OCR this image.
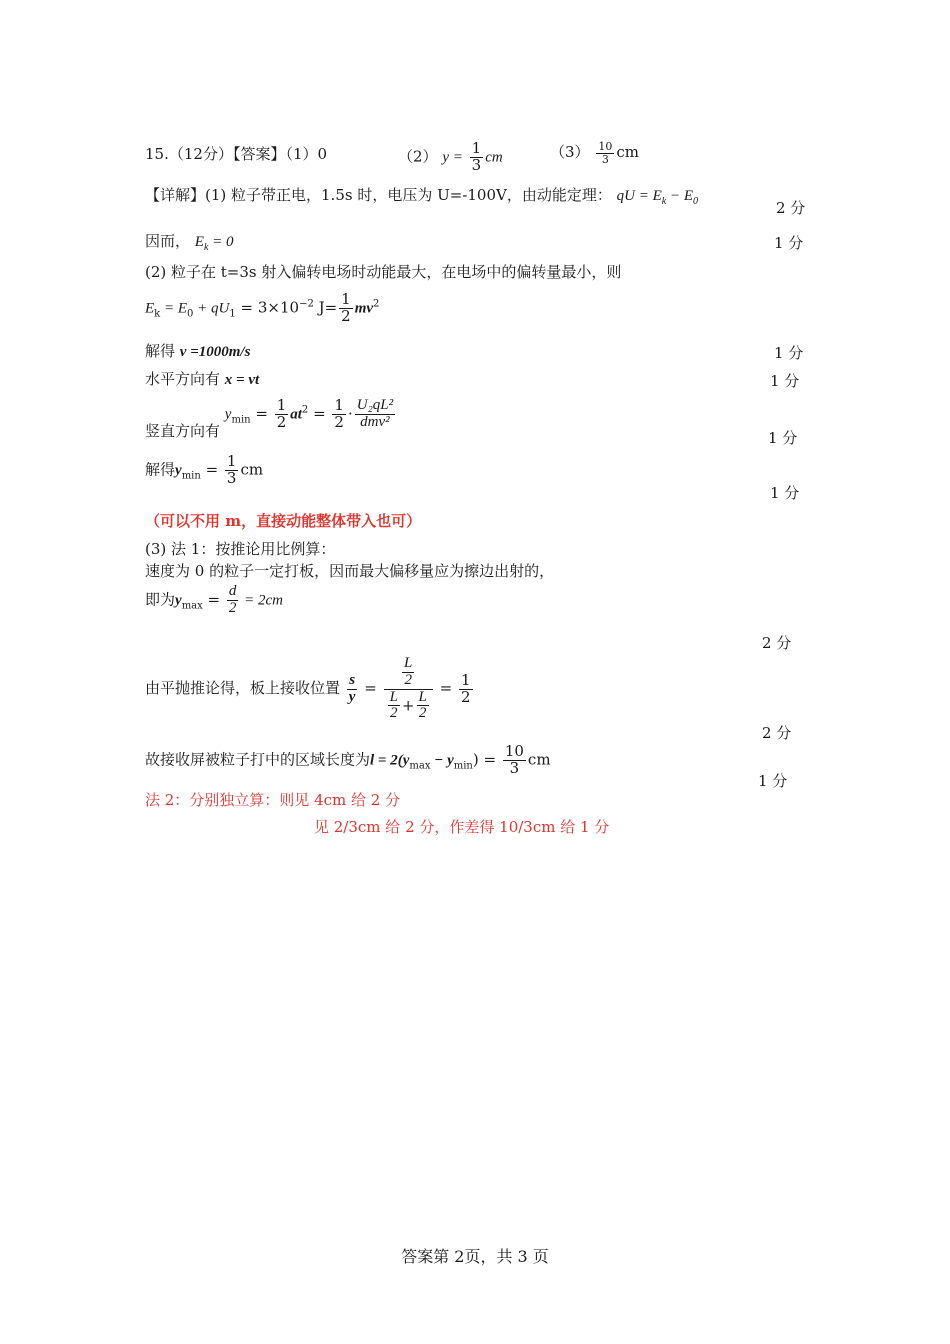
15.（12分）【答案】（1）0	（2） $y = \frac{1}{3}$ cm	$(3) \frac{10}{3}$ cm
【详解】(1) 粒子带正电，1.5s 时，电压为 U=-100V，由动能定理： qU = $E_k - E_0$	2 分
因而， $E_k = 0$	1 分
(2) 粒子在 t=3s 射入偏转电场时动能最大，在电场中的偏转量最小，则
$E_k = E_0 + qU_1 = 3\times 10^{-2}$ $J= \frac{1}{2} mv^2$
解得 v =1000m/s	1 分
水平方向有 x = vt	1 分
竖直方向有 $y_{min} = \frac{1}{2} at^2 = \frac{1}{2} \cdot \frac{\text{U₂qL²}}{\text{dmv²}}$
1 分
解得$y_{min} = \frac{1}{3}$ cm
1 分
（可以不用 m，直接动能整体带入也可）
(3) 法 1：按推论用比例算：
速度为 0 的粒子一定打板，因而最大偏移量应为擦边出射的，
即为$y_{max} = \frac{d}{2} = 2cm$
2 分
由平抛推论得，板上接收位置 $\frac{s}{y} = \frac{\frac{L}{2}}{\frac{L}{2} + \frac{L}{2}} = \frac{1}{2}$
2 分
故接收屏被粒子打中的区域长度为$l = 2(y_{max} - y_{min}) = \frac{10}{3}$ cm
1 分
法 2：分别独立算：则见 4cm 给 2 分
见 2/3cm 给 2 分，作差得 10/3cm 给 1 分
答案第 2页，共 3 页
